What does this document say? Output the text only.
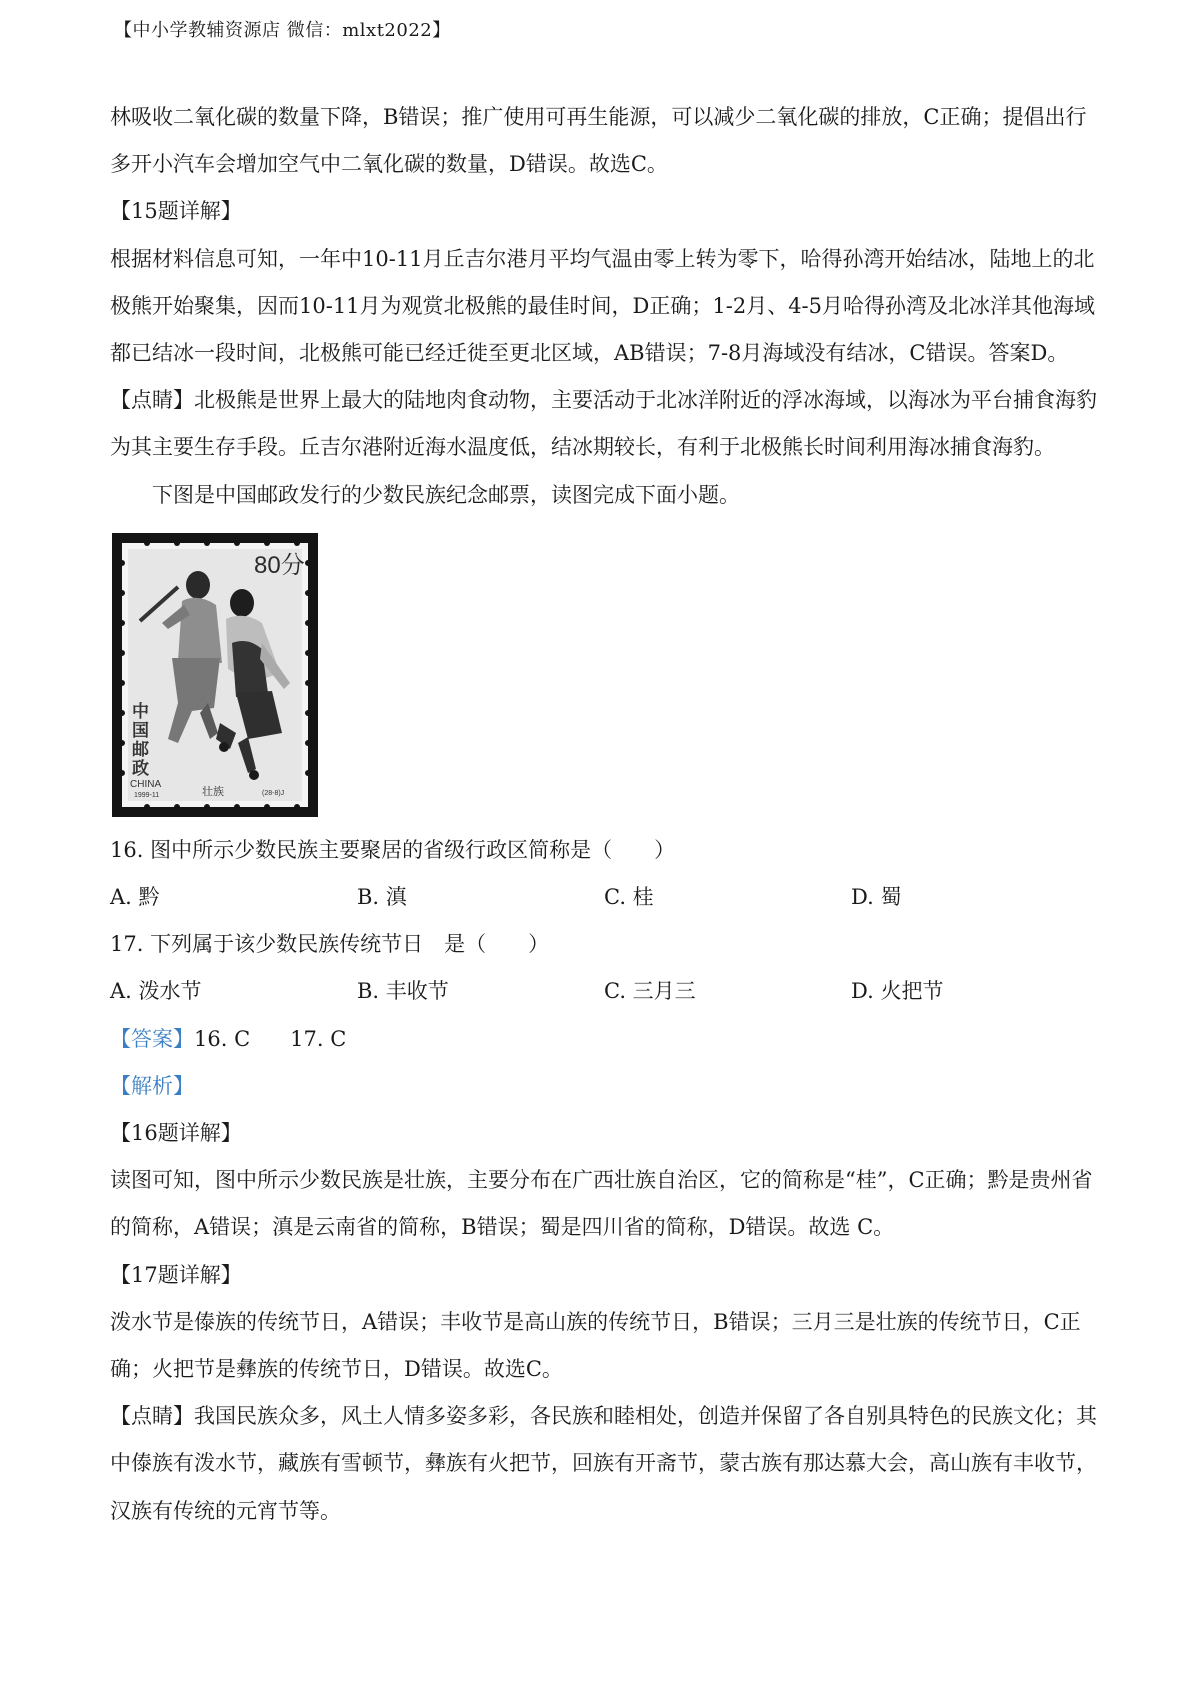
【中小学教辅资源店 微信：mlxt2022】

林吸收二氧化碳的数量下降，B错误；推广使用可再生能源，可以减少二氧化碳的排放，C正确；提倡出行多开小汽车会增加空气中二氧化碳的数量，D错误。故选C。

【15题详解】

根据材料信息可知，一年中10-11月丘吉尔港月平均气温由零上转为零下，哈得孙湾开始结冰，陆地上的北极熊开始聚集，因而10-11月为观赏北极熊的最佳时间，D正确；1-2月、4-5月哈得孙湾及北冰洋其他海域都已结冰一段时间，北极熊可能已经迁徙至更北区域，AB错误；7-8月海域没有结冰，C错误。答案D。

【点睛】北极熊是世界上最大的陆地肉食动物，主要活动于北冰洋附近的浮冰海域，以海冰为平台捕食海豹为其主要生存手段。丘吉尔港附近海水温度低，结冰期较长，有利于北极熊长时间利用海冰捕食海豹。

下图是中国邮政发行的少数民族纪念邮票，读图完成下面小题。

80分
中
国
邮
政
CHINA
1999-11	壮族	(28-8)J

16. 图中所示少数民族主要聚居的省级行政区简称是（　　）

A. 黔	B. 滇	C. 桂	D. 蜀

17. 下列属于该少数民族传统节日　是（　　）

A. 泼水节	B. 丰收节	C. 三月三	D. 火把节

【答案】16. C 17. C

【解析】

【16题详解】

读图可知，图中所示少数民族是壮族，主要分布在广西壮族自治区，它的简称是“桂”，C正确；黔是贵州省的简称，A错误；滇是云南省的简称，B错误；蜀是四川省的简称，D错误。故选 C。

【17题详解】

泼水节是傣族的传统节日，A错误；丰收节是高山族的传统节日，B错误；三月三是壮族的传统节日，C正确；火把节是彝族的传统节日，D错误。故选C。

【点睛】我国民族众多，风土人情多姿多彩，各民族和睦相处，创造并保留了各自别具特色的民族文化；其中傣族有泼水节，藏族有雪顿节，彝族有火把节，回族有开斋节，蒙古族有那达慕大会，高山族有丰收节，汉族有传统的元宵节等。
